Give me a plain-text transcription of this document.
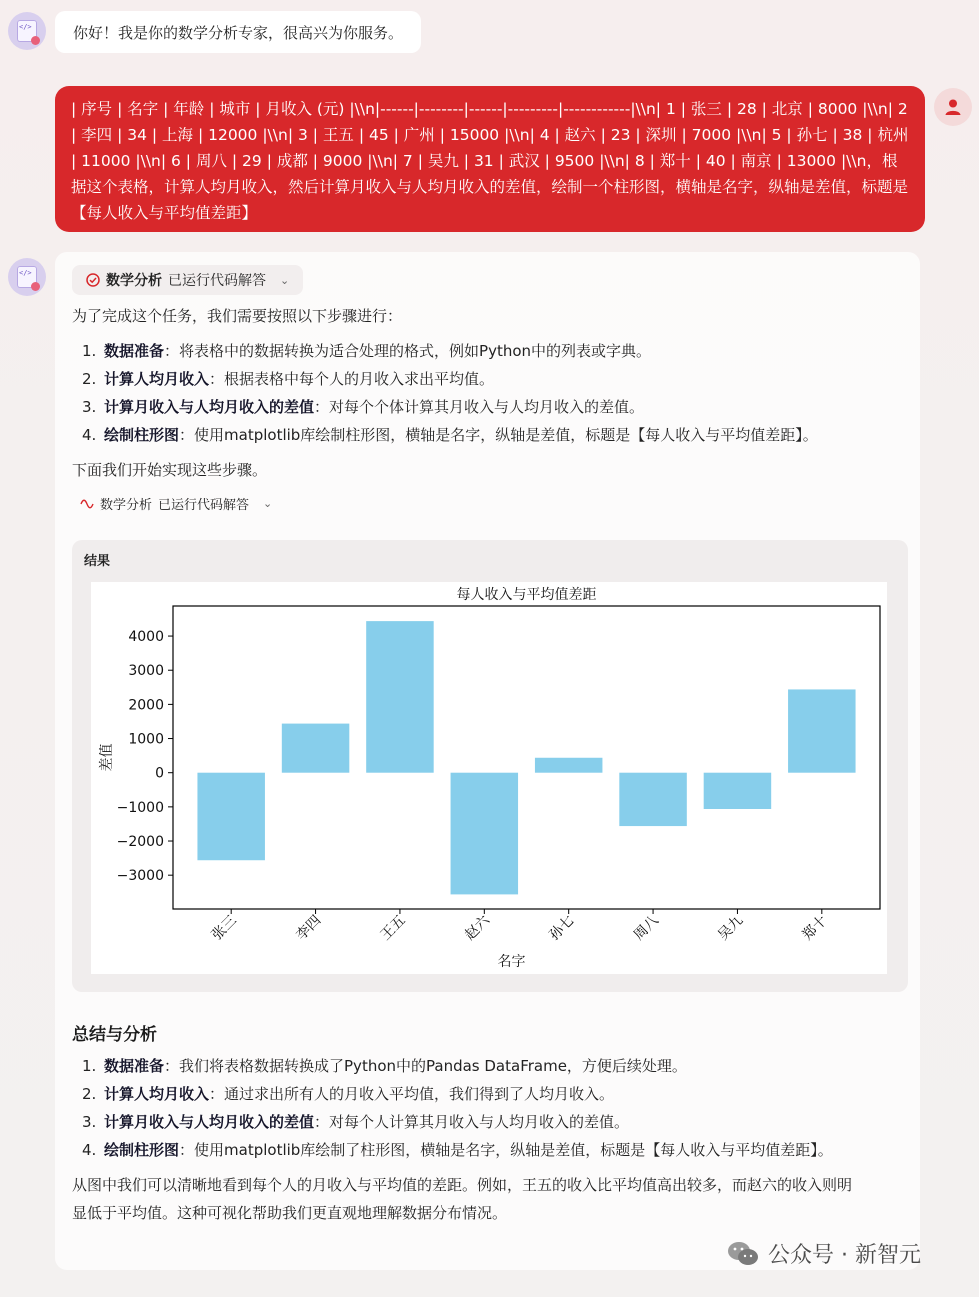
</>
你好！我是你的数学分析专家，很高兴为你服务。
| 序号 | 名字 | 年龄 | 城市 | 月收入 (元) |\\n|------|--------|------|---------|------------|\\n| 1 | 张三 | 28 | 北京 | 8000 |\\n| 2 | 李四 | 34 | 上海 | 12000 |\\n| 3 | 王五 | 45 | 广州 | 15000 |\\n| 4 | 赵六 | 23 | 深圳 | 7000 |\\n| 5 | 孙七 | 38 | 杭州 | 11000 |\\n| 6 | 周八 | 29 | 成都 | 9000 |\\n| 7 | 吴九 | 31 | 武汉 | 9500 |\\n| 8 | 郑十 | 40 | 南京 | 13000 |\\n，根据这个表格，计算人均月收入，然后计算月收入与人均月收入的差值，绘制一个柱形图，横轴是名字，纵轴是差值，标题是【每人收入与平均值差距】
</>
数学分析 已运行代码解答 ⌄
为了完成这个任务，我们需要按照以下步骤进行：
1. 数据准备：将表格中的数据转换为适合处理的格式，例如Python中的列表或字典。
2. 计算人均月收入：根据表格中每个人的月收入求出平均值。
3. 计算月收入与人均月收入的差值：对每个个体计算其月收入与人均月收入的差值。
4. 绘制柱形图：使用matplotlib库绘制柱形图，横轴是名字，纵轴是差值，标题是【每人收入与平均值差距】。
下面我们开始实现这些步骤。
数学分析 已运行代码解答 ⌄
结果
每人收入与平均值差距
−3000
−2000
−1000
0
1000
2000
3000
4000
差值
张三	李四	王五	赵六	孙七	周八	吴九	郑十
名字
总结与分析
1. 数据准备：我们将表格数据转换成了Python中的Pandas DataFrame，方便后续处理。
2. 计算人均月收入：通过求出所有人的月收入平均值，我们得到了人均月收入。
3. 计算月收入与人均月收入的差值：对每个人计算其月收入与人均月收入的差值。
4. 绘制柱形图：使用matplotlib库绘制了柱形图，横轴是名字，纵轴是差值，标题是【每人收入与平均值差距】。
从图中我们可以清晰地看到每个人的月收入与平均值的差距。例如，王五的收入比平均值高出较多，而赵六的收入则明
显低于平均值。这种可视化帮助我们更直观地理解数据分布情况。
公众号 · 新智元
